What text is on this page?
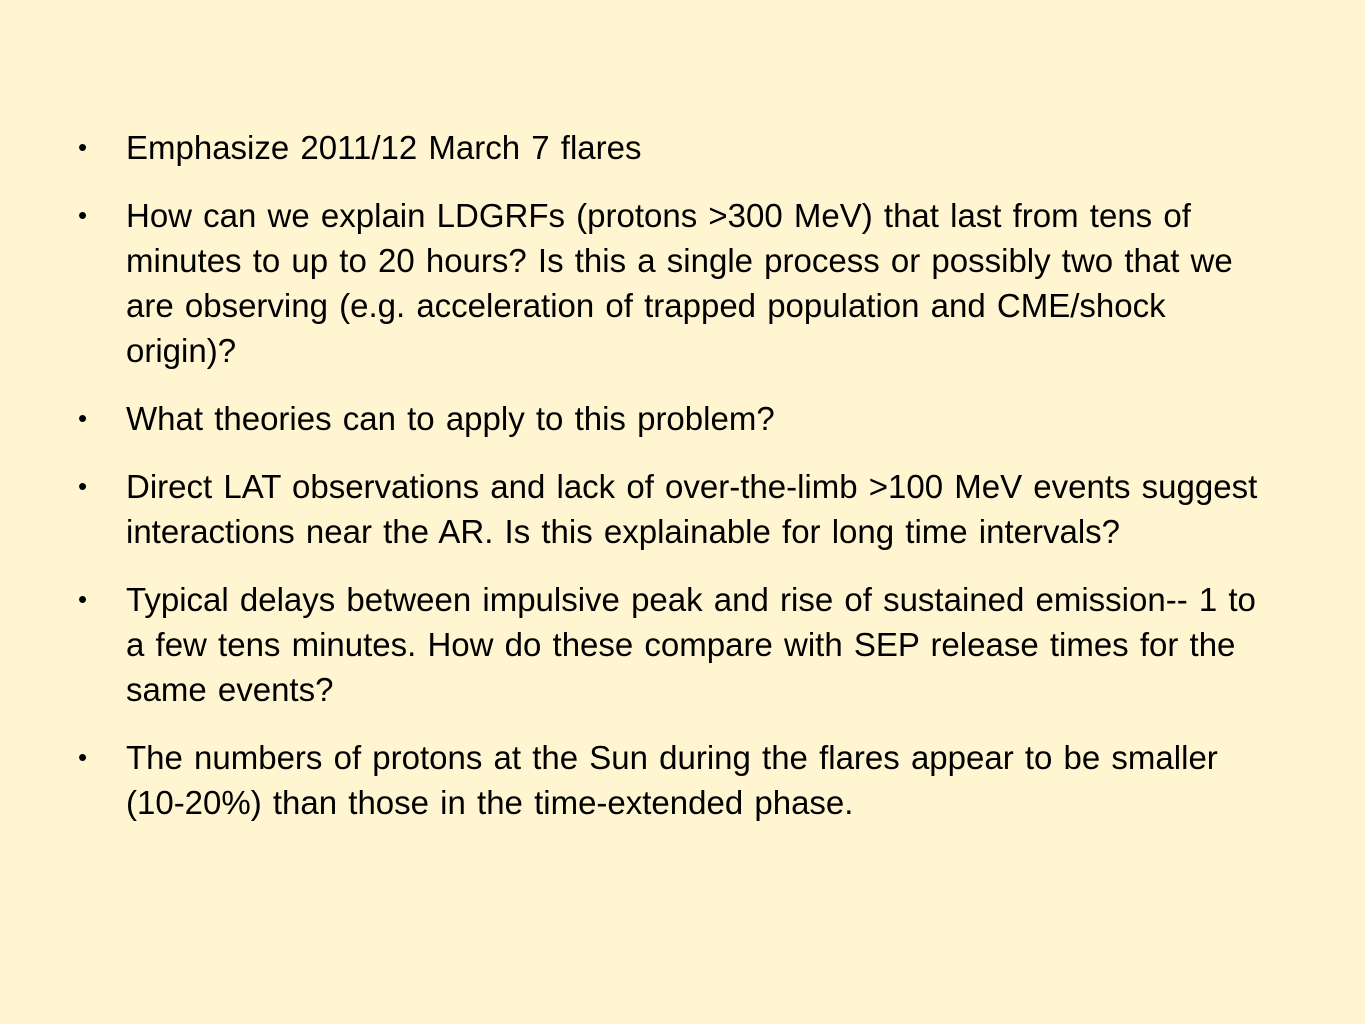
• Emphasize 2011/12 March 7 flares
• How can we explain LDGRFs (protons >300 MeV) that last from tens of minutes to up to 20 hours? Is this a single process or possibly two that we are observing (e.g. acceleration of trapped population and CME/shock origin)?
• What theories can to apply to this problem?
• Direct LAT observations and lack of over-the-limb >100 MeV events suggest interactions near the AR. Is this explainable for long time intervals?
• Typical delays between impulsive peak and rise of sustained emission-- 1 to a few tens minutes. How do these compare with SEP release times for the same events?
• The numbers of protons at the Sun during the flares appear to be smaller (10-20%) than those in the time-extended phase.
